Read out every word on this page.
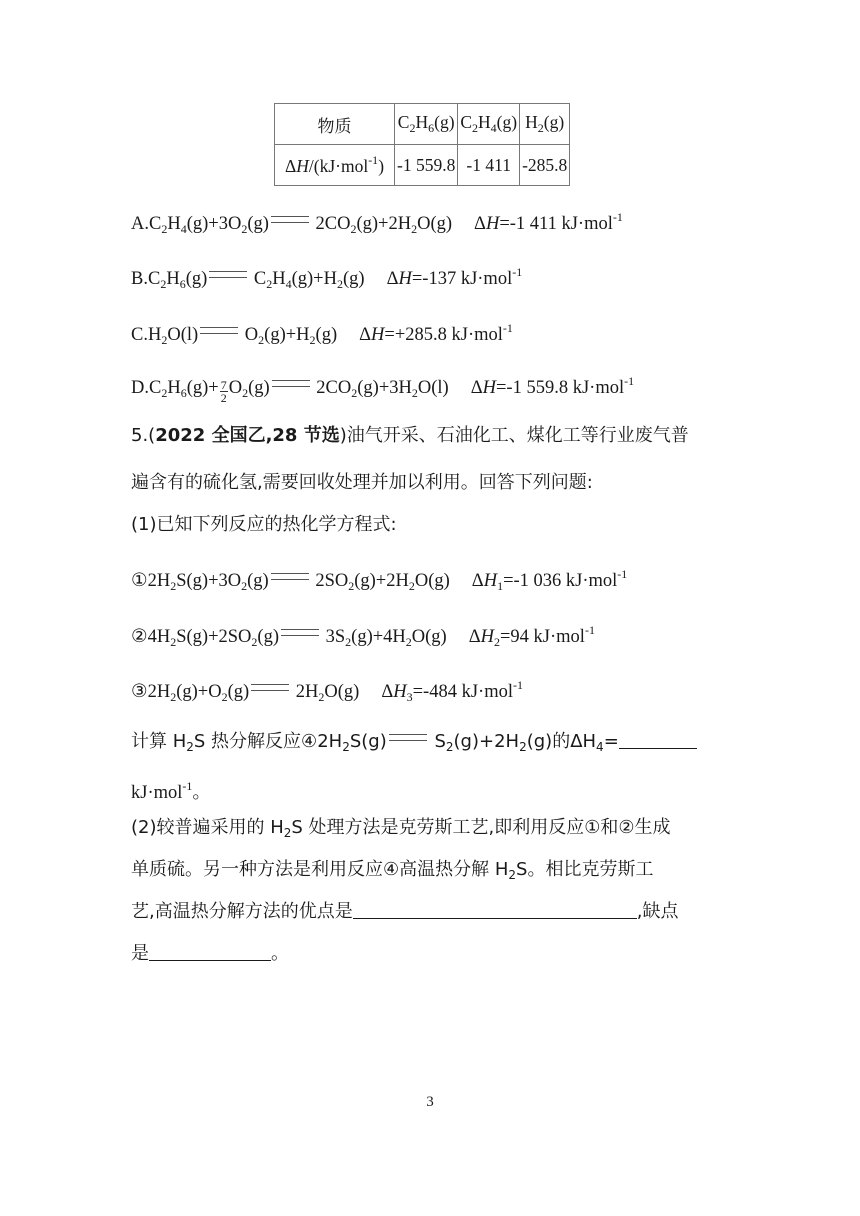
物质	$C_2H_6(g)$	$C_2H_4(g)$	$H_2(g)$
ΔH/(kJ·mol$^{-1}$)	-1 559.8	-1 411	-285.8
$A.C_2H_4(g)+3O_2(g)$ $2CO_2(g)+2H_2O(g)$ ΔH=-1 411 kJ·mol$^{-1}$
$B.C_2H_6(g)$ $C_2H_4(g)+H_2(g)$ ΔH=-137 kJ·mol$^{-1}$
$C.H_2O(l)$ $O_2(g)+H_2(g)$ ΔH=+285.8 kJ·mol$^{-1}$
$D.C_2H_6(g)+ \frac{7}{2} O_2(g)$ $2CO_2(g)+3H_2O(l)$ ΔH=-1 559.8 kJ·mol$^{-1}$
5.(2022 全国乙,28 节选)油气开采、石油化工、煤化工等行业废气普
遍含有的硫化氢,需要回收处理并加以利用。回答下列问题:
(1)已知下列反应的热化学方程式:
$①2H_2S(g)+3O_2(g)$ $2SO_2(g)+2H_2O(g)$ $\Delta H_1=-1$ 036 kJ·mol$^{-1}$
$②4H_2S(g)+2SO_2(g)$ $3S_2(g)+4H_2O(g)$ $\Delta H_2=94$ kJ·mol$^{-1}$
$③2H_2(g)+O_2(g)$ $2H_2O(g)$ $\Delta H_3=-484$ kJ·mol$^{-1}$
计算 $H_2S$ 热分解反应$④2H_2S(g)$ $S_2(g)+2H_2(g)$的$\Delta H_4=$
kJ·mol$^{-1}$。
(2)较普遍采用的 $H_2S$ 处理方法是克劳斯工艺,即利用反应①和②生成
单质硫。另一种方法是利用反应④高温热分解 $H_2S$。相比克劳斯工
艺,高温热分解方法的优点是	,缺点
是	。
3
